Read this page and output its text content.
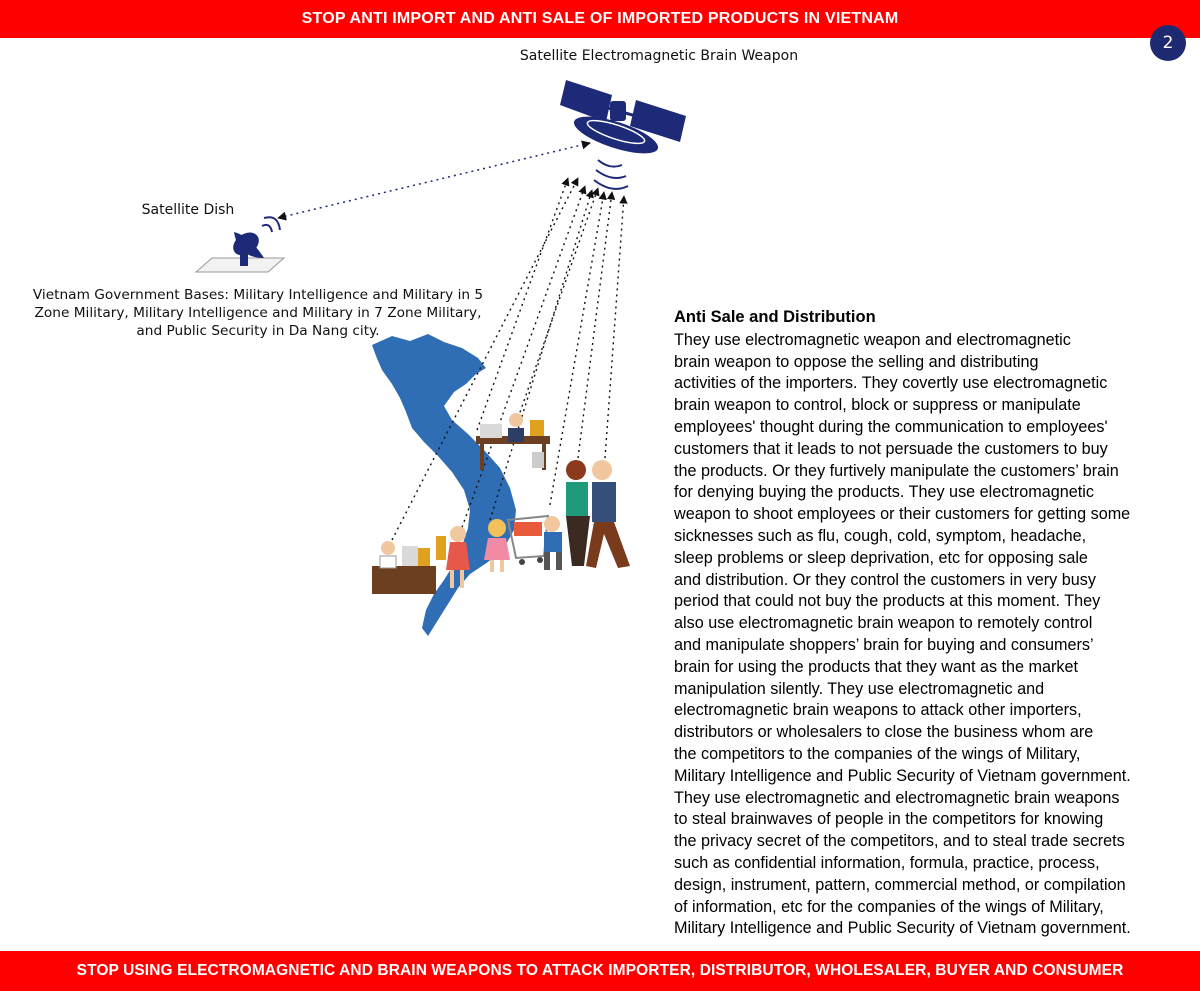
STOP ANTI IMPORT AND ANTI SALE OF IMPORTED PRODUCTS IN VIETNAM
2
Satellite Electromagnetic Brain Weapon
Satellite Dish
Vietnam Government Bases: Military Intelligence and Military in 5 Zone Military, Military Intelligence and Military in 7 Zone Military, and Public Security in Da Nang city.
Anti Sale and Distribution
They use electromagnetic weapon and electromagnetic
brain weapon to oppose the selling and distributing
activities of the importers. They covertly use electromagnetic
brain weapon to control, block or suppress or manipulate
employees' thought during the communication to employees'
customers that it leads to not persuade the customers to buy
the products. Or they furtively manipulate the customers’ brain
for denying buying the products. They use electromagnetic
weapon to shoot employees or their customers for getting some
sicknesses such as flu, cough, cold, symptom, headache,
sleep problems or sleep deprivation, etc for opposing sale
and distribution. Or they control the customers in very busy
period that could not buy the products at this moment. They
also use electromagnetic brain weapon to remotely control
and manipulate shoppers’ brain for buying and consumers’
brain for using the products that they want as the market
manipulation silently. They use electromagnetic and
electromagnetic brain weapons to attack other importers,
distributors or wholesalers to close the business whom are
the competitors to the companies of the wings of Military,
Military Intelligence and Public Security of Vietnam government.
They use electromagnetic and electromagnetic brain weapons
to steal brainwaves of people in the competitors for knowing
the privacy secret of the competitors, and to steal trade secrets
such as confidential information, formula, practice, process,
design, instrument, pattern, commercial method, or compilation
of information, etc for the companies of the wings of Military,
Military Intelligence and Public Security of Vietnam government.
STOP USING ELECTROMAGNETIC AND BRAIN WEAPONS TO ATTACK IMPORTER, DISTRIBUTOR, WHOLESALER, BUYER AND CONSUMER
